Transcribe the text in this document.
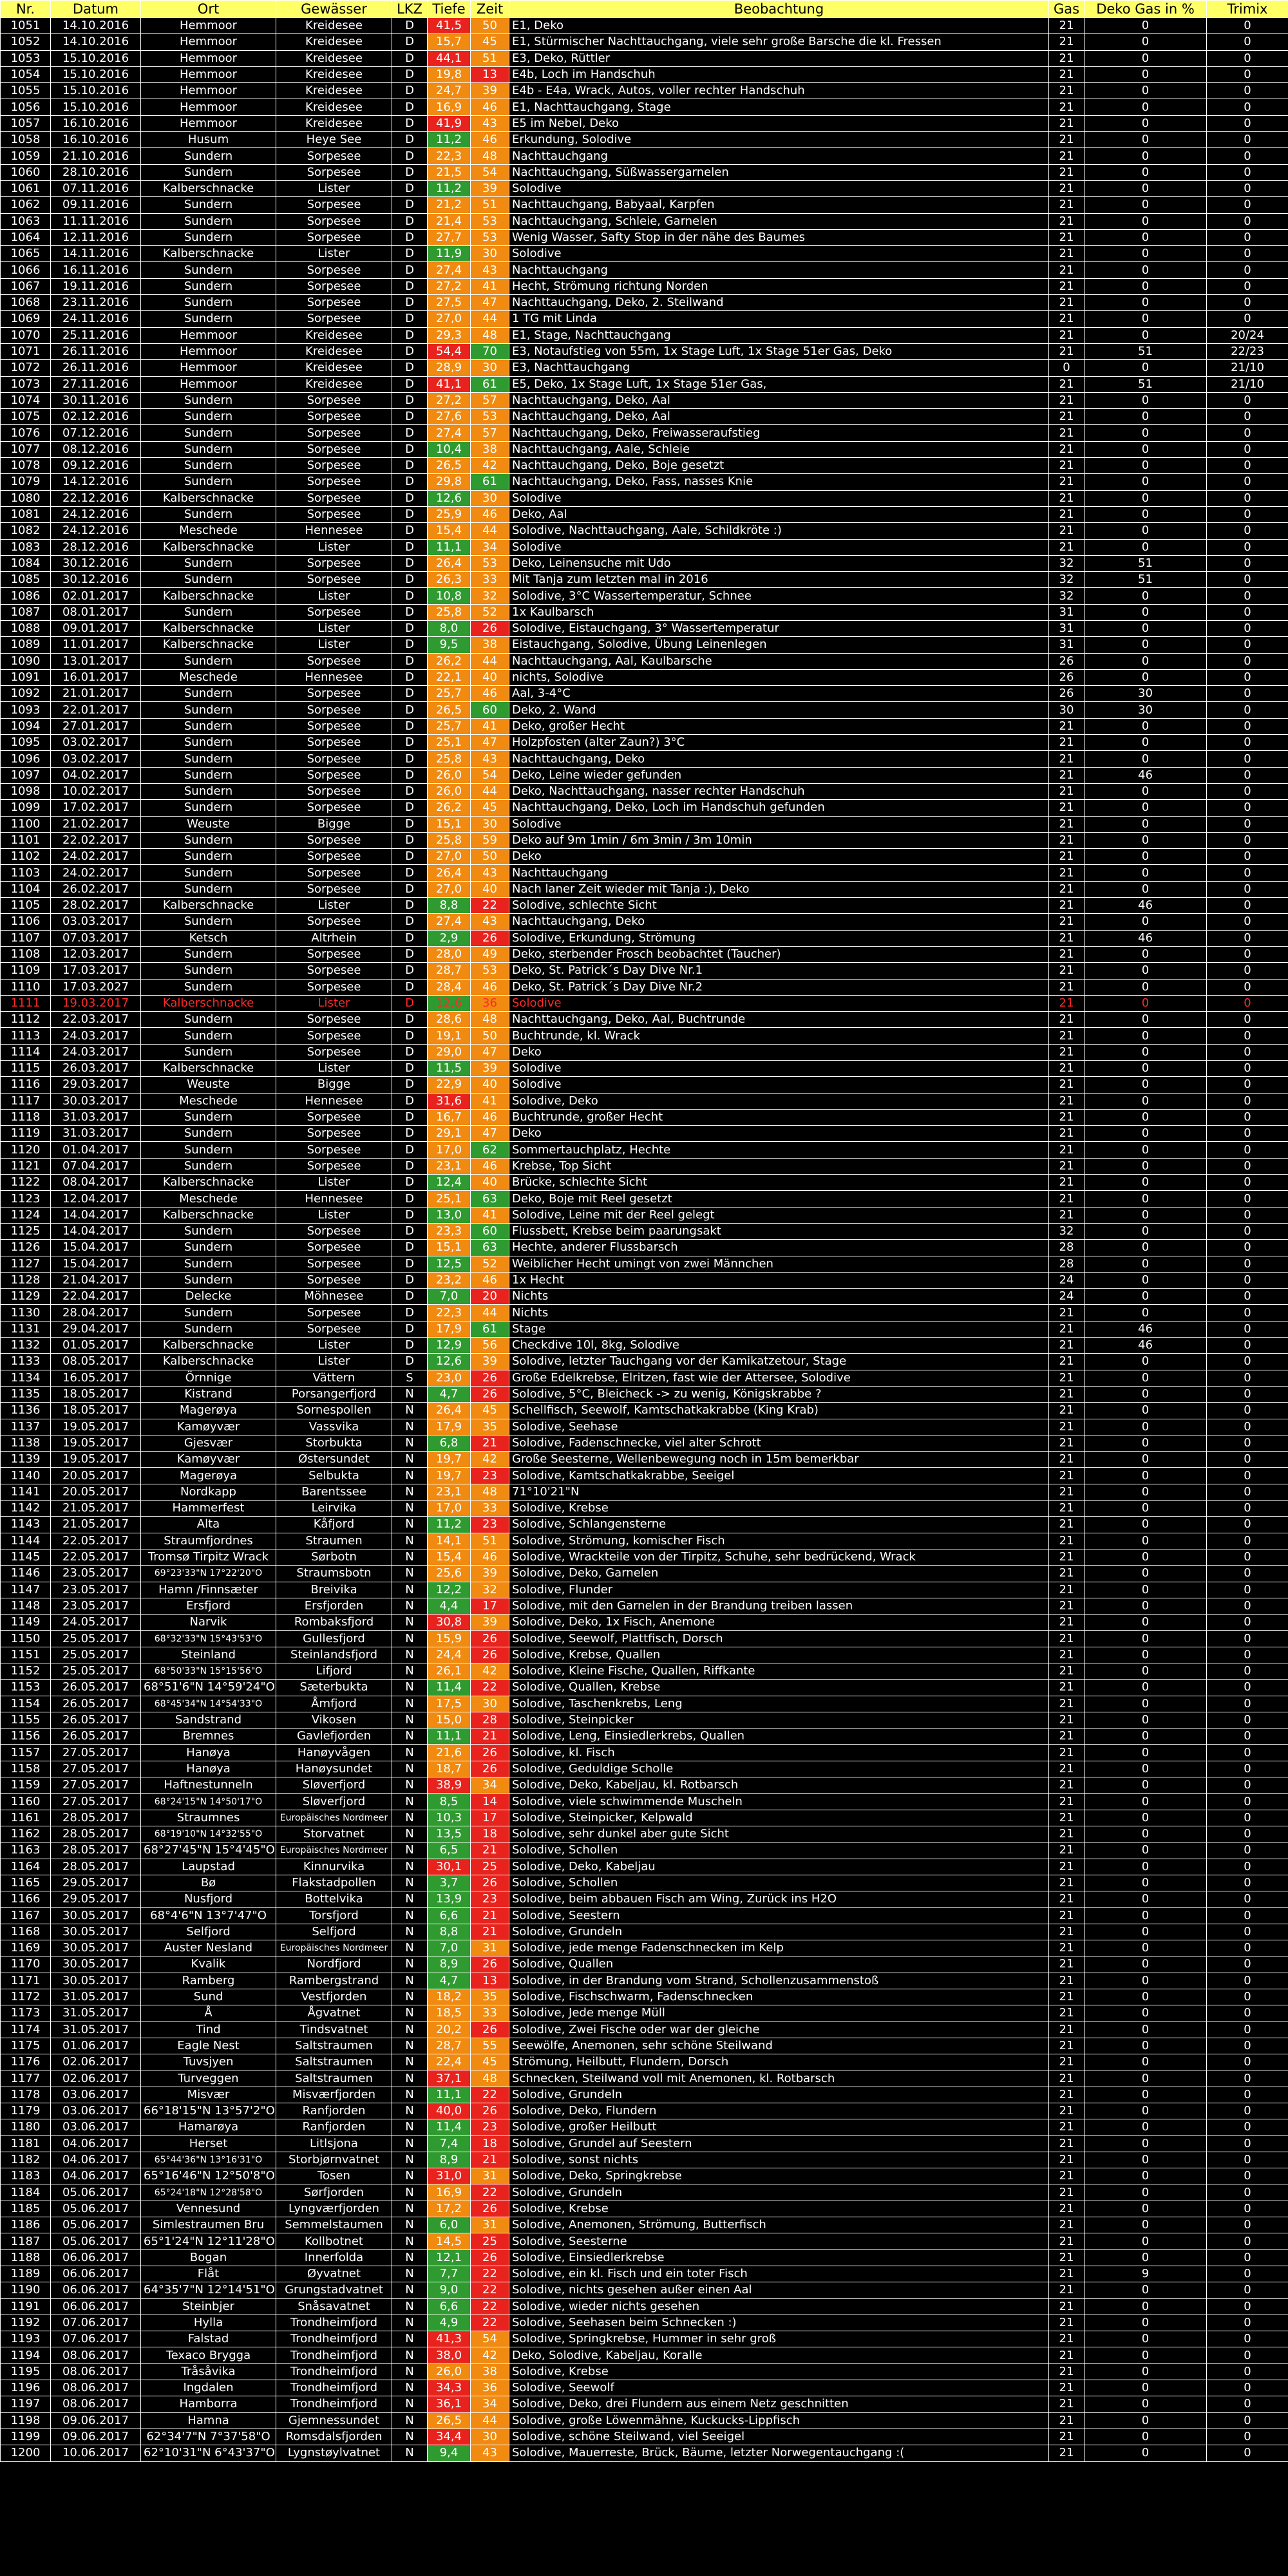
Nr.	Datum	Ort	Gewässer	LKZ	Tiefe	Zeit	Beobachtung	Gas	Deko Gas in %	Trimix
1051	14.10.2016	Hemmoor	Kreidesee	D	41,5	50	E1, Deko	21	0	0
1052	14.10.2016	Hemmoor	Kreidesee	D	15,7	45	E1, Stürmischer Nachttauchgang, viele sehr große Barsche die kl. Fressen	21	0	0
1053	15.10.2016	Hemmoor	Kreidesee	D	44,1	51	E3, Deko, Rüttler	21	0	0
1054	15.10.2016	Hemmoor	Kreidesee	D	19,8	13	E4b, Loch im Handschuh	21	0	0
1055	15.10.2016	Hemmoor	Kreidesee	D	24,7	39	E4b - E4a, Wrack, Autos, voller rechter Handschuh	21	0	0
1056	15.10.2016	Hemmoor	Kreidesee	D	16,9	46	E1, Nachttauchgang, Stage	21	0	0
1057	16.10.2016	Hemmoor	Kreidesee	D	41,9	43	E5 im Nebel, Deko	21	0	0
1058	16.10.2016	Husum	Heye See	D	11,2	46	Erkundung, Solodive	21	0	0
1059	21.10.2016	Sundern	Sorpesee	D	22,3	48	Nachttauchgang	21	0	0
1060	28.10.2016	Sundern	Sorpesee	D	21,5	54	Nachttauchgang, Süßwassergarnelen	21	0	0
1061	07.11.2016	Kalberschnacke	Lister	D	11,2	39	Solodive	21	0	0
1062	09.11.2016	Sundern	Sorpesee	D	21,2	51	Nachttauchgang, Babyaal, Karpfen	21	0	0
1063	11.11.2016	Sundern	Sorpesee	D	21,4	53	Nachttauchgang, Schleie, Garnelen	21	0	0
1064	12.11.2016	Sundern	Sorpesee	D	27,7	53	Wenig Wasser, Safty Stop in der nähe des Baumes	21	0	0
1065	14.11.2016	Kalberschnacke	Lister	D	11,9	30	Solodive	21	0	0
1066	16.11.2016	Sundern	Sorpesee	D	27,4	43	Nachttauchgang	21	0	0
1067	19.11.2016	Sundern	Sorpesee	D	27,2	41	Hecht, Strömung richtung Norden	21	0	0
1068	23.11.2016	Sundern	Sorpesee	D	27,5	47	Nachttauchgang, Deko, 2. Steilwand	21	0	0
1069	24.11.2016	Sundern	Sorpesee	D	27,0	44	1 TG mit Linda	21	0	0
1070	25.11.2016	Hemmoor	Kreidesee	D	29,3	48	E1, Stage, Nachttauchgang	21	0	20/24
1071	26.11.2016	Hemmoor	Kreidesee	D	54,4	70	E3, Notaufstieg von 55m, 1x Stage Luft, 1x Stage 51er Gas, Deko	21	51	22/23
1072	26.11.2016	Hemmoor	Kreidesee	D	28,9	30	E3, Nachttauchgang	0	0	21/10
1073	27.11.2016	Hemmoor	Kreidesee	D	41,1	61	E5, Deko, 1x Stage Luft, 1x Stage 51er Gas,	21	51	21/10
1074	30.11.2016	Sundern	Sorpesee	D	27,2	57	Nachttauchgang, Deko, Aal	21	0	0
1075	02.12.2016	Sundern	Sorpesee	D	27,6	53	Nachttauchgang, Deko, Aal	21	0	0
1076	07.12.2016	Sundern	Sorpesee	D	27,4	57	Nachttauchgang, Deko, Freiwasseraufstieg	21	0	0
1077	08.12.2016	Sundern	Sorpesee	D	10,4	38	Nachttauchgang, Aale, Schleie	21	0	0
1078	09.12.2016	Sundern	Sorpesee	D	26,5	42	Nachttauchgang, Deko, Boje gesetzt	21	0	0
1079	14.12.2016	Sundern	Sorpesee	D	29,8	61	Nachttauchgang, Deko, Fass, nasses Knie	21	0	0
1080	22.12.2016	Kalberschnacke	Sorpesee	D	12,6	30	Solodive	21	0	0
1081	24.12.2016	Sundern	Sorpesee	D	25,9	46	Deko, Aal	21	0	0
1082	24.12.2016	Meschede	Hennesee	D	15,4	44	Solodive, Nachttauchgang, Aale, Schildkröte :)	21	0	0
1083	28.12.2016	Kalberschnacke	Lister	D	11,1	34	Solodive	21	0	0
1084	30.12.2016	Sundern	Sorpesee	D	26,4	53	Deko, Leinensuche mit Udo	32	51	0
1085	30.12.2016	Sundern	Sorpesee	D	26,3	33	Mit Tanja zum letzten mal in 2016	32	51	0
1086	02.01.2017	Kalberschnacke	Lister	D	10,8	32	Solodive, 3°C Wassertemperatur, Schnee	32	0	0
1087	08.01.2017	Sundern	Sorpesee	D	25,8	52	1x Kaulbarsch	31	0	0
1088	09.01.2017	Kalberschnacke	Lister	D	8,0	26	Solodive, Eistauchgang, 3° Wassertemperatur	31	0	0
1089	11.01.2017	Kalberschnacke	Lister	D	9,5	38	Eistauchgang, Solodive, Übung Leinenlegen	31	0	0
1090	13.01.2017	Sundern	Sorpesee	D	26,2	44	Nachttauchgang, Aal, Kaulbarsche	26	0	0
1091	16.01.2017	Meschede	Hennesee	D	22,1	40	nichts, Solodive	26	0	0
1092	21.01.2017	Sundern	Sorpesee	D	25,7	46	Aal, 3-4°C	26	30	0
1093	22.01.2017	Sundern	Sorpesee	D	26,5	60	Deko, 2. Wand	30	30	0
1094	27.01.2017	Sundern	Sorpesee	D	25,7	41	Deko, großer Hecht	21	0	0
1095	03.02.2017	Sundern	Sorpesee	D	25,1	47	Holzpfosten (alter Zaun?) 3°C	21	0	0
1096	03.02.2017	Sundern	Sorpesee	D	25,8	43	Nachttauchgang, Deko	21	0	0
1097	04.02.2017	Sundern	Sorpesee	D	26,0	54	Deko, Leine wieder gefunden	21	46	0
1098	10.02.2017	Sundern	Sorpesee	D	26,0	44	Deko, Nachttauchgang, nasser rechter Handschuh	21	0	0
1099	17.02.2017	Sundern	Sorpesee	D	26,2	45	Nachttauchgang, Deko, Loch im Handschuh gefunden	21	0	0
1100	21.02.2017	Weuste	Bigge	D	15,1	30	Solodive	21	0	0
1101	22.02.2017	Sundern	Sorpesee	D	25,8	59	Deko auf 9m 1min / 6m 3min / 3m 10min	21	0	0
1102	24.02.2017	Sundern	Sorpesee	D	27,0	50	Deko	21	0	0
1103	24.02.2017	Sundern	Sorpesee	D	26,4	43	Nachttauchgang	21	0	0
1104	26.02.2017	Sundern	Sorpesee	D	27,0	40	Nach laner Zeit wieder mit Tanja :), Deko	21	0	0
1105	28.02.2017	Kalberschnacke	Lister	D	8,8	22	Solodive, schlechte Sicht	21	46	0
1106	03.03.2017	Sundern	Sorpesee	D	27,4	43	Nachttauchgang, Deko	21	0	0
1107	07.03.2017	Ketsch	Altrhein	D	2,9	26	Solodive, Erkundung, Strömung	21	46	0
1108	12.03.2017	Sundern	Sorpesee	D	28,0	49	Deko, sterbender Frosch beobachtet (Taucher)	21	0	0
1109	17.03.2017	Sundern	Sorpesee	D	28,7	53	Deko, St. Patrick´s Day Dive Nr.1	21	0	0
1110	17.03.2027	Sundern	Sorpesee	D	28,4	46	Deko, St. Patrick´s Day Dive Nr.2	21	0	0
1111	19.03.2017	Kalberschnacke	Lister	D	12,6	36	Solodive	21	0	0
1112	22.03.2017	Sundern	Sorpesee	D	28,6	48	Nachttauchgang, Deko, Aal, Buchtrunde	21	0	0
1113	24.03.2017	Sundern	Sorpesee	D	19,1	50	Buchtrunde, kl. Wrack	21	0	0
1114	24.03.2017	Sundern	Sorpesee	D	29,0	47	Deko	21	0	0
1115	26.03.2017	Kalberschnacke	Lister	D	11,5	39	Solodive	21	0	0
1116	29.03.2017	Weuste	Bigge	D	22,9	40	Solodive	21	0	0
1117	30.03.2017	Meschede	Hennesee	D	31,6	41	Solodive, Deko	21	0	0
1118	31.03.2017	Sundern	Sorpesee	D	16,7	46	Buchtrunde, großer Hecht	21	0	0
1119	31.03.2017	Sundern	Sorpesee	D	29,1	47	Deko	21	0	0
1120	01.04.2017	Sundern	Sorpesee	D	17,0	62	Sommertauchplatz, Hechte	21	0	0
1121	07.04.2017	Sundern	Sorpesee	D	23,1	46	Krebse, Top Sicht	21	0	0
1122	08.04.2017	Kalberschnacke	Lister	D	12,4	40	Brücke, schlechte Sicht	21	0	0
1123	12.04.2017	Meschede	Hennesee	D	25,1	63	Deko, Boje mit Reel gesetzt	21	0	0
1124	14.04.2017	Kalberschnacke	Lister	D	13,0	41	Solodive, Leine mit der Reel gelegt	21	0	0
1125	14.04.2017	Sundern	Sorpesee	D	23,3	60	Flussbett, Krebse beim paarungsakt	32	0	0
1126	15.04.2017	Sundern	Sorpesee	D	15,1	63	Hechte, anderer Flussbarsch	28	0	0
1127	15.04.2017	Sundern	Sorpesee	D	12,5	52	Weiblicher Hecht umingt von zwei Männchen	28	0	0
1128	21.04.2017	Sundern	Sorpesee	D	23,2	46	1x Hecht	24	0	0
1129	22.04.2017	Delecke	Möhnesee	D	7,0	20	Nichts	24	0	0
1130	28.04.2017	Sundern	Sorpesee	D	22,3	44	Nichts	21	0	0
1131	29.04.2017	Sundern	Sorpesee	D	17,9	61	Stage	21	46	0
1132	01.05.2017	Kalberschnacke	Lister	D	12,9	56	Checkdive 10l, 8kg, Solodive	21	46	0
1133	08.05.2017	Kalberschnacke	Lister	D	12,6	39	Solodive, letzter Tauchgang vor der Kamikatzetour, Stage	21	0	0
1134	16.05.2017	Örnnige	Vättern	S	23,0	26	Große Edelkrebse, Elritzen, fast wie der Attersee, Solodive	21	0	0
1135	18.05.2017	Kistrand	Porsangerfjord	N	4,7	26	Solodive, 5°C, Bleicheck -> zu wenig, Königskrabbe ?	21	0	0
1136	18.05.2017	Magerøya	Sornespollen	N	26,4	45	Schellfisch, Seewolf, Kamtschatkakrabbe (King Krab)	21	0	0
1137	19.05.2017	Kamøyvær	Vassvika	N	17,9	35	Solodive, Seehase	21	0	0
1138	19.05.2017	Gjesvær	Storbukta	N	6,8	21	Solodive, Fadenschnecke, viel alter Schrott	21	0	0
1139	19.05.2017	Kamøyvær	Østersundet	N	19,7	42	Große Seesterne, Wellenbewegung noch in 15m bemerkbar	21	0	0
1140	20.05.2017	Magerøya	Selbukta	N	19,7	23	Solodive, Kamtschatkakrabbe, Seeigel	21	0	0
1141	20.05.2017	Nordkapp	Barentssee	N	23,1	48	71°10'21"N	21	0	0
1142	21.05.2017	Hammerfest	Leirvika	N	17,0	33	Solodive, Krebse	21	0	0
1143	21.05.2017	Alta	Kåfjord	N	11,2	23	Solodive, Schlangensterne	21	0	0
1144	22.05.2017	Straumfjordnes	Straumen	N	14,1	51	Solodive, Strömung, komischer Fisch	21	0	0
1145	22.05.2017	Tromsø Tirpitz Wrack	Sørbotn	N	15,4	46	Solodive, Wrackteile von der Tirpitz, Schuhe, sehr bedrückend, Wrack	21	0	0
1146	23.05.2017	69°23'33"N 17°22'20"O	Straumsbotn	N	25,6	39	Solodive, Deko, Garnelen	21	0	0
1147	23.05.2017	Hamn /Finnsæter	Breivika	N	12,2	32	Solodive, Flunder	21	0	0
1148	23.05.2017	Ersfjord	Ersfjorden	N	4,4	17	Solodive, mit den Garnelen in der Brandung treiben lassen	21	0	0
1149	24.05.2017	Narvik	Rombaksfjord	N	30,8	39	Solodive, Deko, 1x Fisch, Anemone	21	0	0
1150	25.05.2017	68°32'33"N 15°43'53"O	Gullesfjord	N	15,9	26	Solodive, Seewolf, Plattfisch, Dorsch	21	0	0
1151	25.05.2017	Steinland	Steinlandsfjord	N	24,4	26	Solodive, Krebse, Quallen	21	0	0
1152	25.05.2017	68°50'33"N 15°15'56"O	Lifjord	N	26,1	42	Solodive, Kleine Fische, Quallen, Riffkante	21	0	0
1153	26.05.2017	68°51'6"N 14°59'24"O	Sæterbukta	N	11,4	22	Solodive, Quallen, Krebse	21	0	0
1154	26.05.2017	68°45'34"N 14°54'33"O	Åmfjord	N	17,5	30	Solodive, Taschenkrebs, Leng	21	0	0
1155	26.05.2017	Sandstrand	Vikosen	N	15,0	28	Solodive, Steinpicker	21	0	0
1156	26.05.2017	Bremnes	Gavlefjorden	N	11,1	21	Solodive, Leng, Einsiedlerkrebs, Quallen	21	0	0
1157	27.05.2017	Hanøya	Hanøyvågen	N	21,6	26	Solodive, kl. Fisch	21	0	0
1158	27.05.2017	Hanøya	Hanøysundet	N	18,7	26	Solodive, Geduldige Scholle	21	0	0
1159	27.05.2017	Haftnestunneln	Sløverfjord	N	38,9	34	Solodive, Deko, Kabeljau, kl. Rotbarsch	21	0	0
1160	27.05.2017	68°24'15"N 14°50'17"O	Sløverfjord	N	8,5	14	Solodive, viele schwimmende Muscheln	21	0	0
1161	28.05.2017	Straumnes	Europäisches Nordmeer	N	10,3	17	Solodive, Steinpicker, Kelpwald	21	0	0
1162	28.05.2017	68°19'10"N 14°32'55"O	Storvatnet	N	13,5	18	Solodive, sehr dunkel aber gute Sicht	21	0	0
1163	28.05.2017	68°27'45"N 15°4'45"O	Europäisches Nordmeer	N	6,5	21	Solodive, Schollen	21	0	0
1164	28.05.2017	Laupstad	Kinnurvika	N	30,1	25	Solodive, Deko, Kabeljau	21	0	0
1165	29.05.2017	Bø	Flakstadpollen	N	3,7	26	Solodive, Schollen	21	0	0
1166	29.05.2017	Nusfjord	Bottelvika	N	13,9	23	Solodive, beim abbauen Fisch am Wing, Zurück ins H2O	21	0	0
1167	30.05.2017	68°4'6"N 13°7'47"O	Torsfjord	N	6,6	21	Solodive, Seestern	21	0	0
1168	30.05.2017	Selfjord	Selfjord	N	8,8	21	Solodive, Grundeln	21	0	0
1169	30.05.2017	Auster Nesland	Europäisches Nordmeer	N	7,0	31	Solodive, jede menge Fadenschnecken im Kelp	21	0	0
1170	30.05.2017	Kvalik	Nordfjord	N	8,9	26	Solodive, Quallen	21	0	0
1171	30.05.2017	Ramberg	Rambergstrand	N	4,7	13	Solodive, in der Brandung vom Strand, Schollenzusammenstoß	21	0	0
1172	31.05.2017	Sund	Vestfjorden	N	18,2	35	Solodive, Fischschwarm, Fadenschnecken	21	0	0
1173	31.05.2017	Å	Ågvatnet	N	18,5	33	Solodive, Jede menge Müll	21	0	0
1174	31.05.2017	Tind	Tindsvatnet	N	20,2	26	Solodive, Zwei Fische oder war der gleiche	21	0	0
1175	01.06.2017	Eagle Nest	Saltstraumen	N	28,7	55	Seewölfe, Anemonen, sehr schöne Steilwand	21	0	0
1176	02.06.2017	Tuvsjyen	Saltstraumen	N	22,4	45	Strömung, Heilbutt, Flundern, Dorsch	21	0	0
1177	02.06.2017	Turveggen	Saltstraumen	N	37,1	48	Schnecken, Steilwand voll mit Anemonen, kl. Rotbarsch	21	0	0
1178	03.06.2017	Misvær	Misværfjorden	N	11,1	22	Solodive, Grundeln	21	0	0
1179	03.06.2017	66°18'15"N 13°57'2"O	Ranfjorden	N	40,0	26	Solodive, Deko, Flundern	21	0	0
1180	03.06.2017	Hamarøya	Ranfjorden	N	11,4	23	Solodive, großer Heilbutt	21	0	0
1181	04.06.2017	Herset	Litlsjona	N	7,4	18	Solodive, Grundel auf Seestern	21	0	0
1182	04.06.2017	65°44'36"N 13°16'31"O	Storbjørnvatnet	N	8,9	21	Solodive, sonst nichts	21	0	0
1183	04.06.2017	65°16'46"N 12°50'8"O	Tosen	N	31,0	31	Solodive, Deko, Springkrebse	21	0	0
1184	05.06.2017	65°24'18"N 12°28'58"O	Sørfjorden	N	16,9	22	Solodive, Grundeln	21	0	0
1185	05.06.2017	Vennesund	Lyngværfjorden	N	17,2	26	Solodive, Krebse	21	0	0
1186	05.06.2017	Simlestraumen Bru	Semmelstaumen	N	6,0	31	Solodive, Anemonen, Strömung, Butterfisch	21	0	0
1187	05.06.2017	65°1'24"N 12°11'28"O	Kollbotnet	N	14,5	25	Solodive, Seesterne	21	0	0
1188	06.06.2017	Bogan	Innerfolda	N	12,1	26	Solodive, Einsiedlerkrebse	21	0	0
1189	06.06.2017	Flåt	Øyvatnet	N	7,7	22	Solodive, ein kl. Fisch und ein toter Fisch	21	9	0
1190	06.06.2017	64°35'7"N 12°14'51"O	Grungstadvatnet	N	9,0	22	Solodive, nichts gesehen außer einen Aal	21	0	0
1191	06.06.2017	Steinbjer	Snåsavatnet	N	6,6	22	Solodive, wieder nichts gesehen	21	0	0
1192	07.06.2017	Hylla	Trondheimfjord	N	4,9	22	Solodive, Seehasen beim Schnecken :)	21	0	0
1193	07.06.2017	Falstad	Trondheimfjord	N	41,3	54	Solodive, Springkrebse, Hummer in sehr groß	21	0	0
1194	08.06.2017	Texaco Brygga	Trondheimfjord	N	38,0	42	Deko, Solodive, Kabeljau, Koralle	21	0	0
1195	08.06.2017	Tråsåvika	Trondheimfjord	N	26,0	38	Solodive, Krebse	21	0	0
1196	08.06.2017	Ingdalen	Trondheimfjord	N	34,3	36	Solodive, Seewolf	21	0	0
1197	08.06.2017	Hamborra	Trondheimfjord	N	36,1	34	Solodive, Deko, drei Flundern aus einem Netz geschnitten	21	0	0
1198	09.06.2017	Hamna	Gjemnessundet	N	26,5	44	Solodive, große Löwenmähne, Kuckucks-Lippfisch	21	0	0
1199	09.06.2017	62°34'7"N 7°37'58"O	Romsdalsfjorden	N	34,4	30	Solodive, schöne Steilwand, viel Seeigel	21	0	0
1200	10.06.2017	62°10'31"N 6°43'37"O	Lygnstøylvatnet	N	9,4	43	Solodive, Mauerreste, Brück, Bäume, letzter Norwegentauchgang :(	21	0	0
